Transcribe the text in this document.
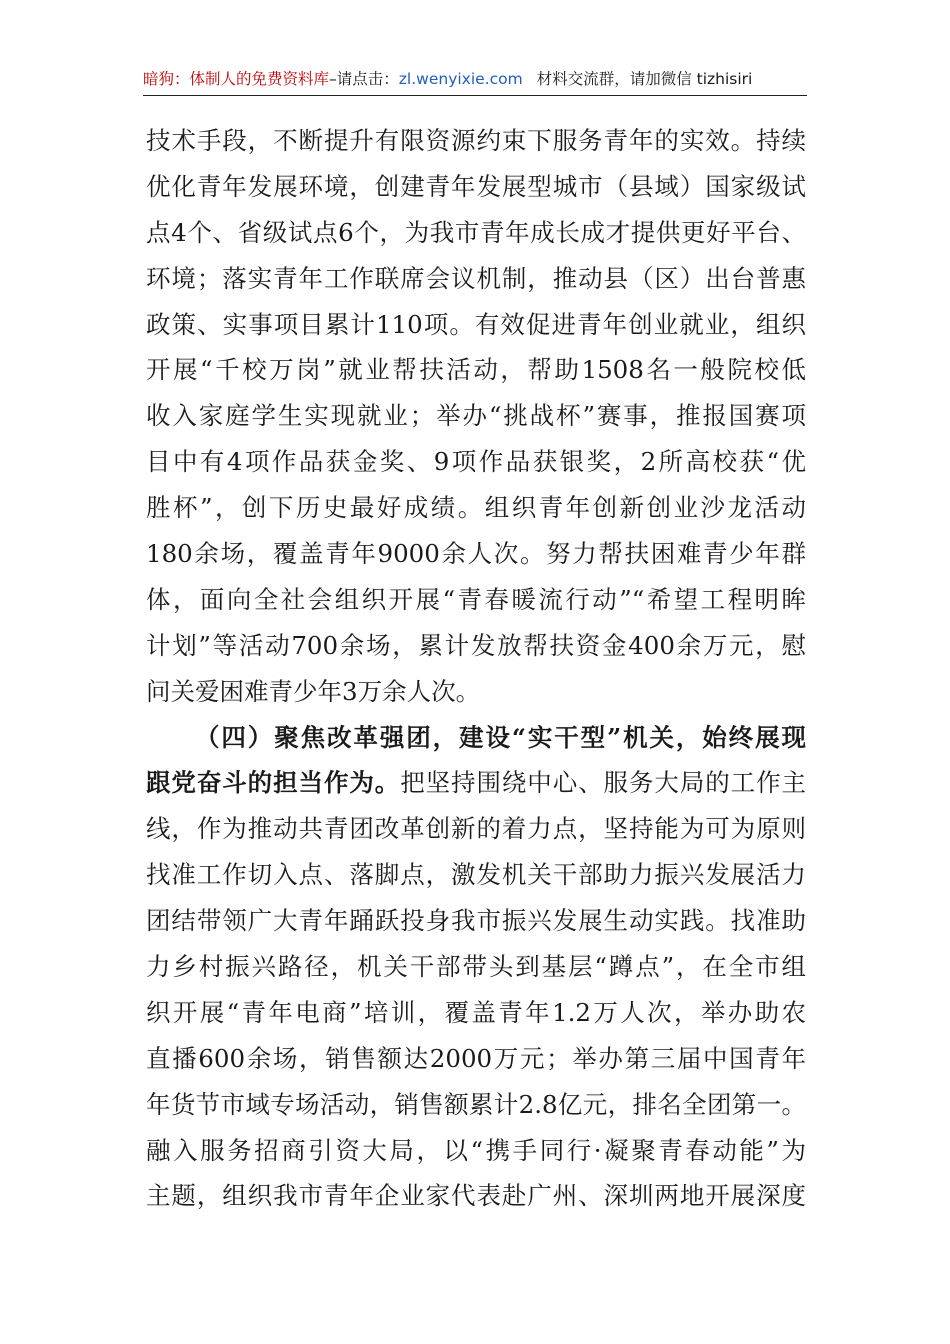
暗狗：体制人的免费资料库–请点击：zl.wenyixie.com 材料交流群，请加微信 tizhisiri
技术手段，不断提升有限资源约束下服务青年的实效。持续
优化青年发展环境，创建青年发展型城市（县域）国家级试
点4个、省级试点6个，为我市青年成长成才提供更好平台、
环境；落实青年工作联席会议机制，推动县（区）出台普惠
政策、实事项目累计110项。有效促进青年创业就业，组织
开展“千校万岗”就业帮扶活动，帮助1508名一般院校低
收入家庭学生实现就业；举办“挑战杯”赛事，推报国赛项
目中有4项作品获金奖、9项作品获银奖，2所高校获“优
胜杯”，创下历史最好成绩。组织青年创新创业沙龙活动
180余场，覆盖青年9000余人次。努力帮扶困难青少年群
体，面向全社会组织开展“青春暖流行动”“希望工程明眸
计划”等活动700余场，累计发放帮扶资金400余万元，慰
问关爱困难青少年3万余人次。
（四）聚焦改革强团，建设“实干型”机关，始终展现
跟党奋斗的担当作为。把坚持围绕中心、服务大局的工作主
线，作为推动共青团改革创新的着力点，坚持能为可为原则
找准工作切入点、落脚点，激发机关干部助力振兴发展活力
团结带领广大青年踊跃投身我市振兴发展生动实践。找准助
力乡村振兴路径，机关干部带头到基层“蹲点”，在全市组
织开展“青年电商”培训，覆盖青年1.2万人次，举办助农
直播600余场，销售额达2000万元；举办第三届中国青年
年货节市域专场活动，销售额累计2.8亿元，排名全团第一。
融入服务招商引资大局，以“携手同行·凝聚青春动能”为
主题，组织我市青年企业家代表赴广州、深圳两地开展深度
